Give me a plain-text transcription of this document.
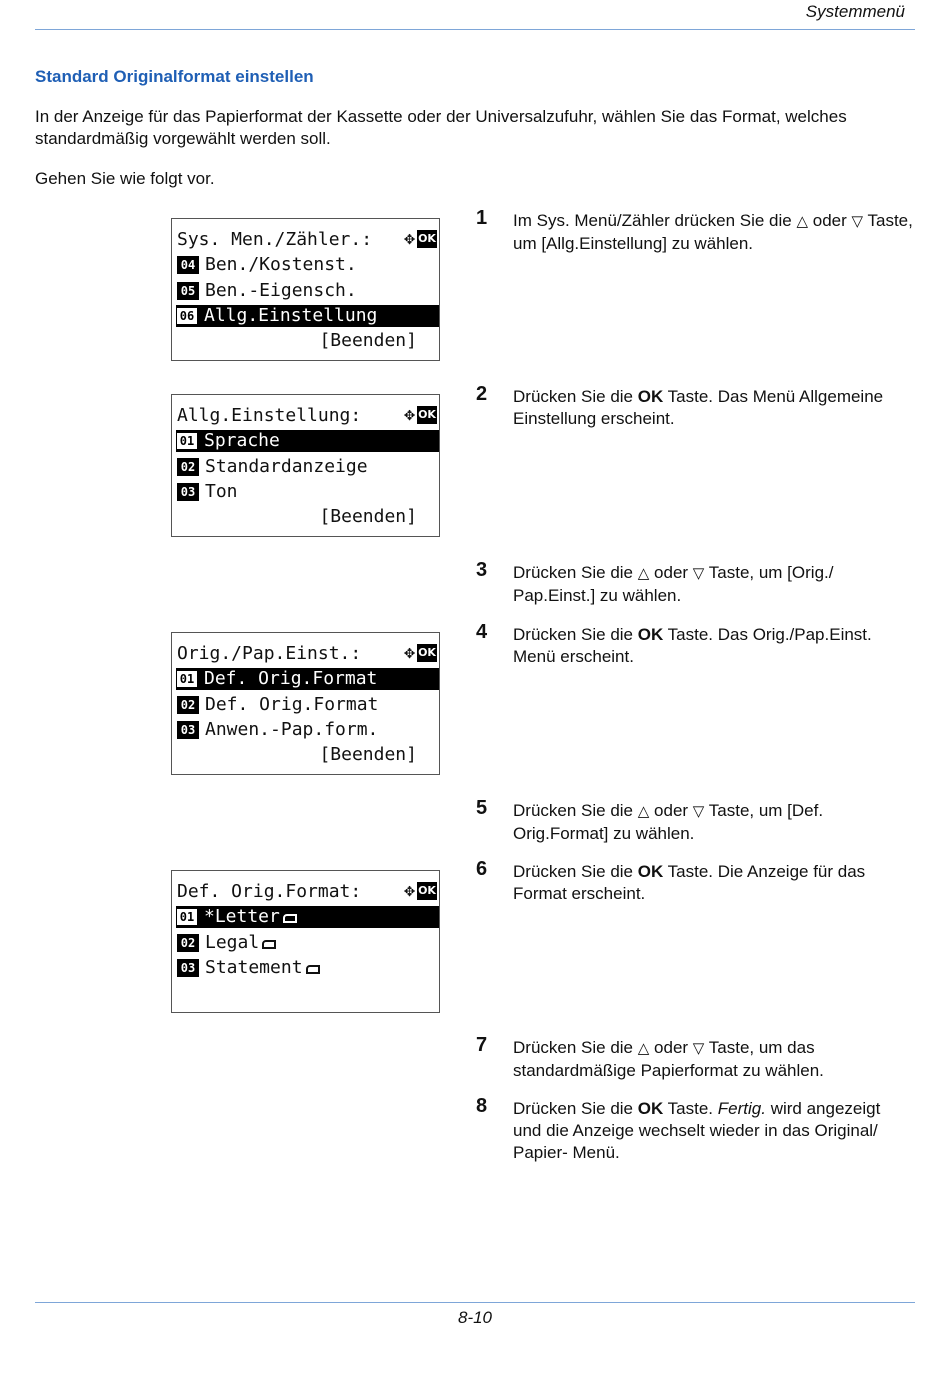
Systemmenü
Standard Originalformat einstellen
In der Anzeige für das Papierformat der Kassette oder der Universalzufuhr, wählen Sie das Format, welches standardmäßig vorgewählt werden soll.
Gehen Sie wie folgt vor.
Sys. Men./Zähler.:	✥ OK
04 Ben./Kostenst.
05 Ben.-Eigensch.
06 Allg.Einstellung
[Beenden]
Allg.Einstellung:	✥ OK
01 Sprache
02 Standardanzeige
03 Ton
[Beenden]
Orig./Pap.Einst.:	✥ OK
01 Def. Orig.Format
02 Def. Orig.Format
03 Anwen.-Pap.form.
[Beenden]
Def. Orig.Format:	✥ OK
01 *Letter
02 Legal
03 Statement
1 Im Sys. Menü/Zähler drücken Sie die △ oder ▽ Taste, um [Allg.Einstellung] zu wählen.
2 Drücken Sie die OK Taste. Das Menü Allgemeine Einstellung erscheint.
3 Drücken Sie die △ oder ▽ Taste, um [Orig./ Pap.Einst.] zu wählen.
4 Drücken Sie die OK Taste. Das Orig./Pap.Einst. Menü erscheint.
5 Drücken Sie die △ oder ▽ Taste, um [Def. Orig.Format] zu wählen.
6 Drücken Sie die OK Taste. Die Anzeige für das Format erscheint.
7 Drücken Sie die △ oder ▽ Taste, um das standardmäßige Papierformat zu wählen.
8 Drücken Sie die OK Taste. Fertig. wird angezeigt und die Anzeige wechselt wieder in das Original/ Papier- Menü.
8-10
